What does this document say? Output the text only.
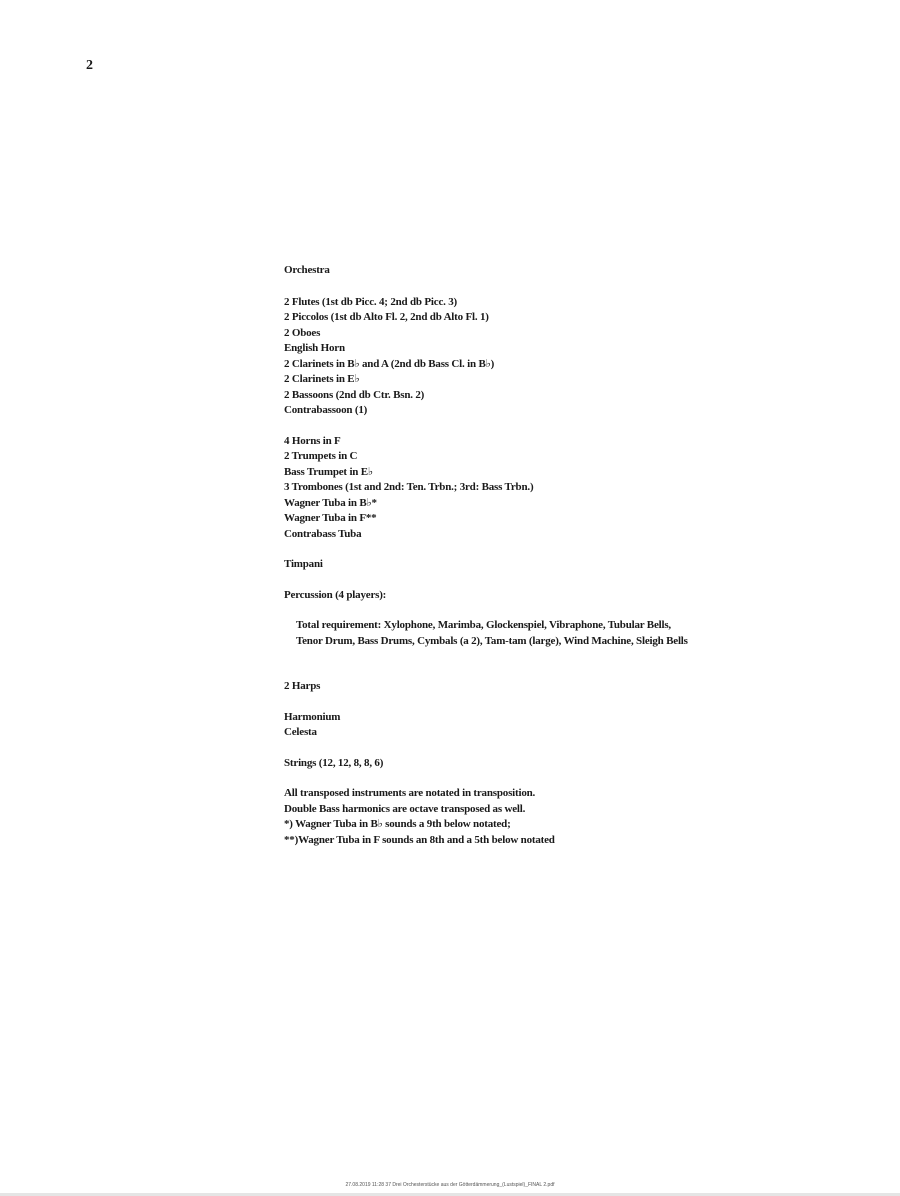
2
Orchestra
2 Flutes (1st db Picc. 4; 2nd db Picc. 3)
2 Piccolos (1st db Alto Fl. 2, 2nd db Alto Fl. 1)
2 Oboes
English Horn
2 Clarinets in B♭ and A (2nd db Bass Cl. in B♭)
2 Clarinets in E♭
2 Bassoons (2nd db Ctr. Bsn. 2)
Contrabassoon (1)
4 Horns in F
2 Trumpets in C
Bass Trumpet in E♭
3 Trombones (1st and 2nd: Ten. Trbn.; 3rd: Bass Trbn.)
Wagner Tuba in B♭*
Wagner Tuba in F**
Contrabass Tuba
Timpani
Percussion (4 players):
Total requirement: Xylophone, Marimba, Glockenspiel, Vibraphone, Tubular Bells,
Tenor Drum, Bass Drums, Cymbals (a 2), Tam-tam (large), Wind Machine, Sleigh Bells
2 Harps
Harmonium
Celesta
Strings (12, 12, 8, 8, 6)
All transposed instruments are notated in transposition.
Double Bass harmonics are octave transposed as well.
*) Wagner Tuba in B♭ sounds a 9th below notated;
**)Wagner Tuba in F sounds an 8th and a 5th below notated
27.08.2019 11:28 37 Drei Orchesterstücke aus der Götterdämmerung_(Lustspiel)_FINAL 2.pdf
